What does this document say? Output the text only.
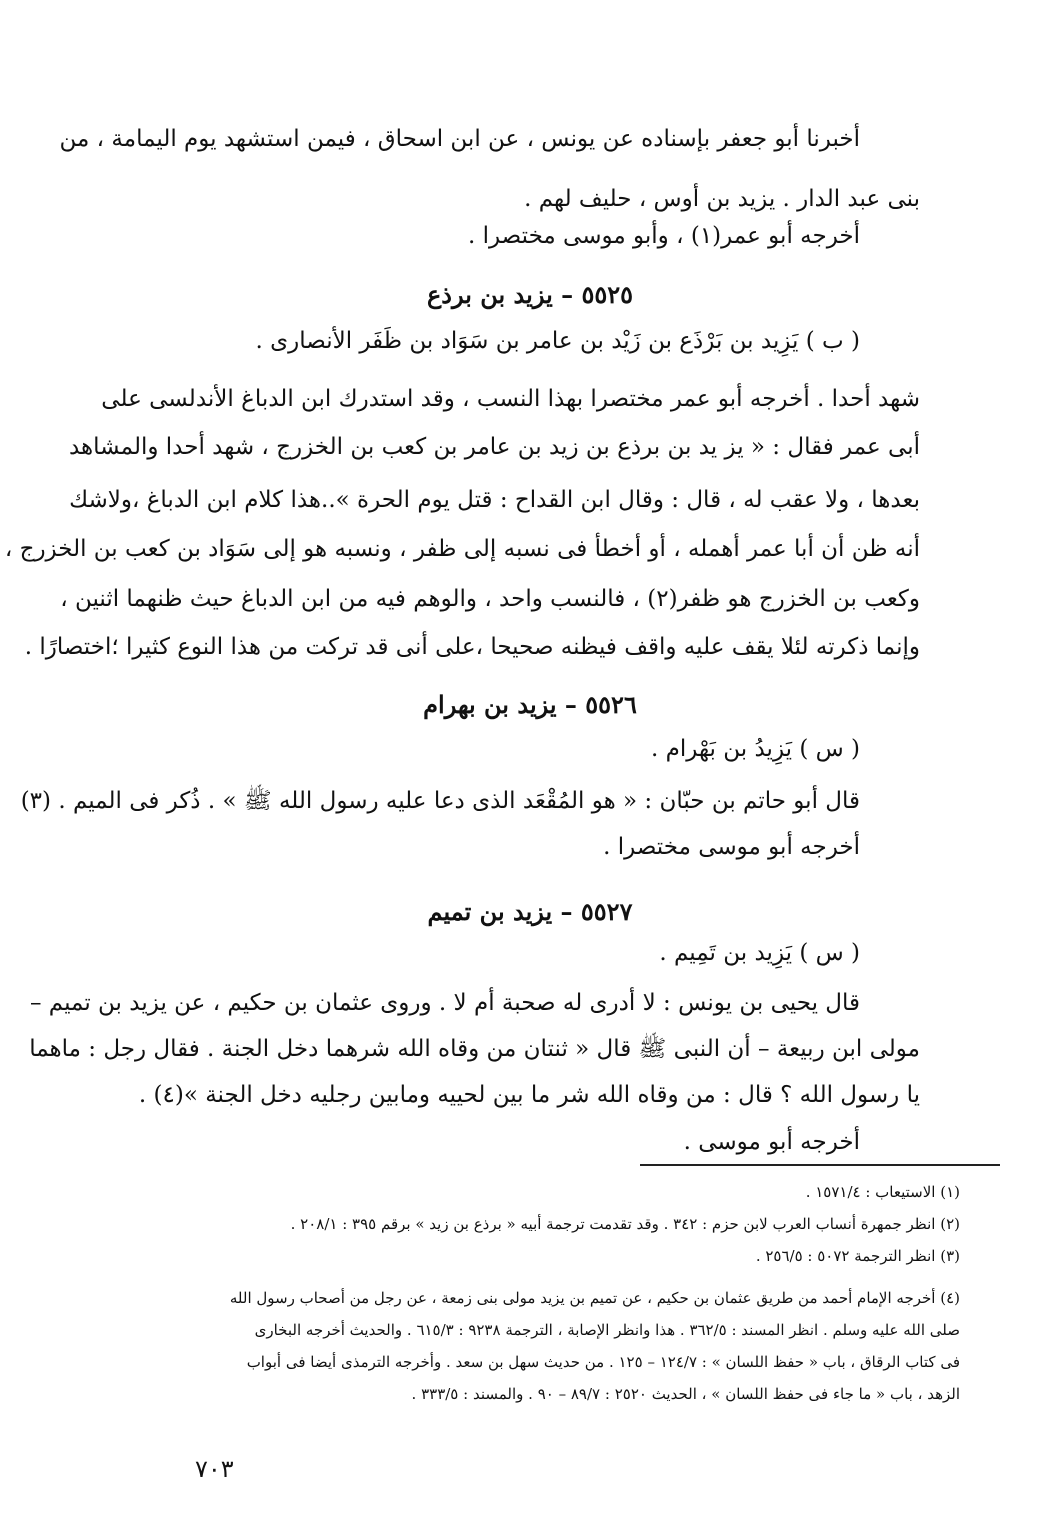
أخبرنا أبو جعفر بإسناده عن يونس ، عن ابن اسحاق ، فيمن استشهد يوم اليمامة ، من
بنى عبد الدار . يزيد بن أوس ، حليف لهم .
أخرجه أبو عمر(١) ، وأبو موسى مختصرا .
٥٥٢٥ – يزيد بن برذع
( ب ) يَزِيد بن بَرْذَع بن زَيْد بن عامر بن سَوَاد بن ظَفَر الأنصارى .
شهد أحدا . أخرجه أبو عمر مختصرا بهذا النسب ، وقد استدرك ابن الدباغ الأندلسى على
أبى عمر فقال : « يز يد بن برذع بن زيد بن عامر بن كعب بن الخزرج ، شهد أحدا والمشاهد
بعدها ، ولا عقب له ، قال : وقال ابن القداح : قتل يوم الحرة »..هذا كلام ابن الدباغ ،ولاشك
أنه ظن أن أبا عمر أهمله ، أو أخطأ فى نسبه إلى ظفر ، ونسبه هو إلى سَوَاد بن كعب بن الخزرج ،
وكعب بن الخزرج هو ظفر(٢) ، فالنسب واحد ، والوهم فيه من ابن الدباغ حيث ظنهما اثنين ،
وإنما ذكرته لئلا يقف عليه واقف فيظنه صحيحا ،على أنى قد تركت من هذا النوع كثيرا ؛اختصارًا .
٥٥٢٦ – يزيد بن بهرام
( س ) يَزِيدُ بن بَهْرام .
قال أبو حاتم بن حبّان : « هو المُقْعَد الذى دعا عليه رسول الله ﷺ » . ذُكر فى الميم . (٣)
أخرجه أبو موسى مختصرا .
٥٥٢٧ – يزيد بن تميم
( س ) يَزِيد بن تَمِيم .
قال يحيى بن يونس : لا أدرى له صحبة أم لا . وروى عثمان بن حكيم ، عن يزيد بن تميم –
مولى ابن ربيعة – أن النبى ﷺ قال « ثنتان من وقاه الله شرهما دخل الجنة . فقال رجل : ماهما
يا رسول الله ؟ قال : من وقاه الله شر ما بين لحييه ومابين رجليه دخل الجنة »(٤) .
أخرجه أبو موسى .
(١) الاستيعاب : ١٥٧١/٤ .
(٢) انظر جمهرة أنساب العرب لابن حزم : ٣٤٢ . وقد تقدمت ترجمة أبيه « برذع بن زيد » برقم ٣٩٥ : ٢٠٨/١ .
(٣) انظر الترجمة ٥٠٧٢ : ٢٥٦/٥ .
(٤) أخرجه الإمام أحمد من طريق عثمان بن حكيم ، عن تميم بن يزيد مولى بنى زمعة ، عن رجل من أصحاب رسول الله
صلى الله عليه وسلم . انظر المسند : ٣٦٢/٥ . هذا وانظر الإصابة ، الترجمة ٩٢٣٨ : ٦١٥/٣ . والحديث أخرجه البخارى
فى كتاب الرقاق ، باب « حفظ اللسان » : ١٢٤/٧ – ١٢٥ . من حديث سهل بن سعد . وأخرجه الترمذى أيضا فى أبواب
الزهد ، باب « ما جاء فى حفظ اللسان » ، الحديث ٢٥٢٠ : ٨٩/٧ – ٩٠ . والمسند : ٣٣٣/٥ .
٧٠٣
